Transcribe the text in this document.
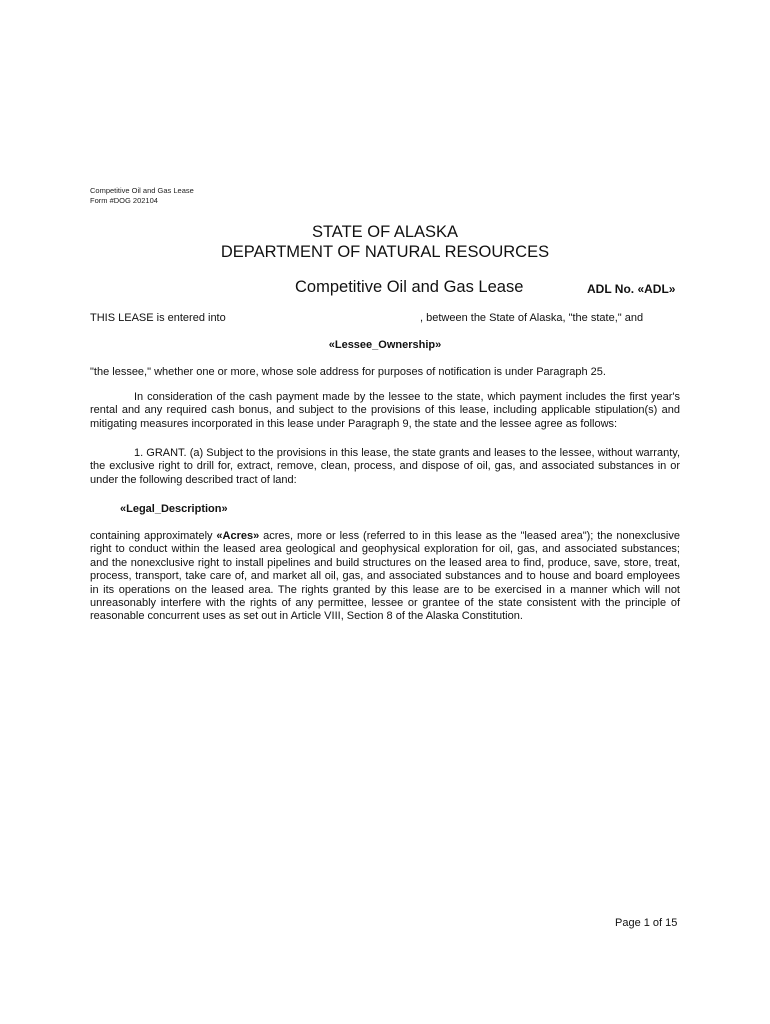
Competitive Oil and Gas Lease
Form #DOG 202104
STATE OF ALASKA
DEPARTMENT OF NATURAL RESOURCES
Competitive Oil and Gas Lease	ADL No. «ADL»
THIS LEASE is entered into	, between the State of Alaska, "the state," and
«Lessee_Ownership»
"the lessee," whether one or more, whose sole address for purposes of notification is under Paragraph 25.
In consideration of the cash payment made by the lessee to the state, which payment includes the first year's rental and any required cash bonus, and subject to the provisions of this lease, including applicable stipulation(s) and mitigating measures incorporated in this lease under Paragraph 9, the state and the lessee agree as follows:
1. GRANT. (a) Subject to the provisions in this lease, the state grants and leases to the lessee, without warranty, the exclusive right to drill for, extract, remove, clean, process, and dispose of oil, gas, and associated substances in or under the following described tract of land:
«Legal_Description»
containing approximately «Acres» acres, more or less (referred to in this lease as the "leased area"); the nonexclusive right to conduct within the leased area geological and geophysical exploration for oil, gas, and associated substances; and the nonexclusive right to install pipelines and build structures on the leased area to find, produce, save, store, treat, process, transport, take care of, and market all oil, gas, and associated substances and to house and board employees in its operations on the leased area. The rights granted by this lease are to be exercised in a manner which will not unreasonably interfere with the rights of any permittee, lessee or grantee of the state consistent with the principle of reasonable concurrent uses as set out in Article VIII, Section 8 of the Alaska Constitution.
Page 1 of 15
